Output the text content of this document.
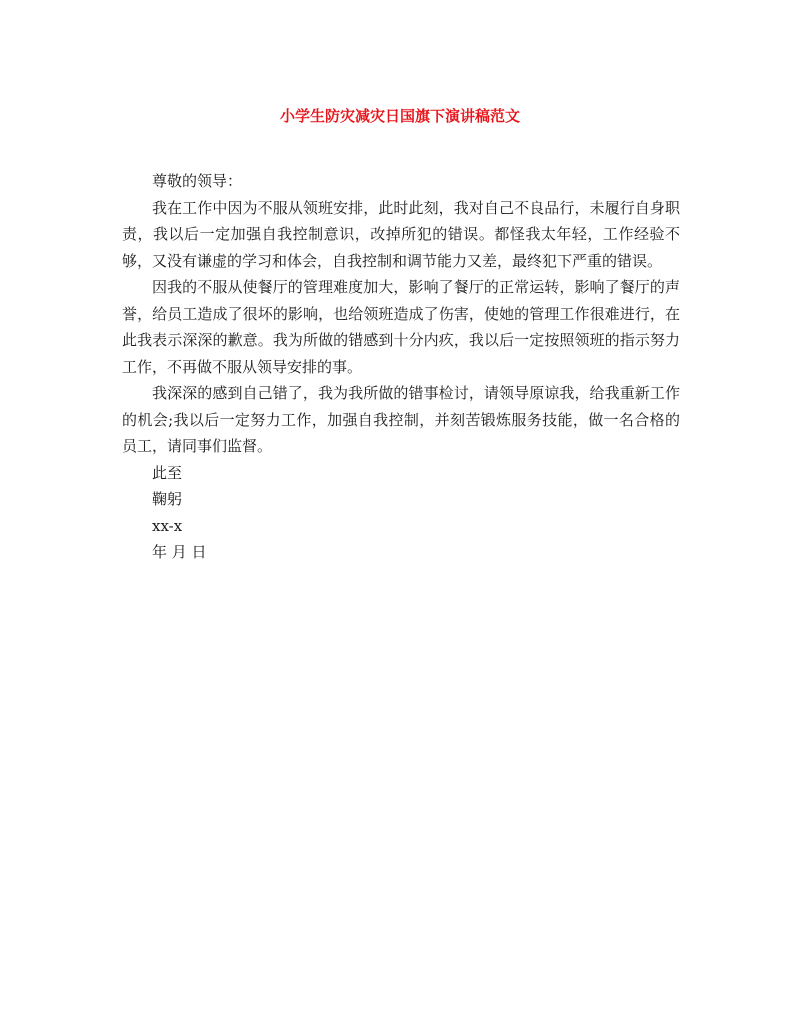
小学生防灾减灾日国旗下演讲稿范文

尊敬的领导：

我在工作中因为不服从领班安排，此时此刻，我对自己不良品行，未履行自身职责，我以后一定加强自我控制意识，改掉所犯的错误。都怪我太年轻，工作经验不够，又没有谦虚的学习和体会，自我控制和调节能力又差，最终犯下严重的错误。

因我的不服从使餐厅的管理难度加大，影响了餐厅的正常运转，影响了餐厅的声誉，给员工造成了很坏的影响，也给领班造成了伤害，使她的管理工作很难进行，在此我表示深深的歉意。我为所做的错感到十分内疚，我以后一定按照领班的指示努力工作，不再做不服从领导安排的事。

我深深的感到自己错了，我为我所做的错事检讨，请领导原谅我，给我重新工作的机会;我以后一定努力工作，加强自我控制，并刻苦锻炼服务技能，做一名合格的员工，请同事们监督。

此至

鞠躬

xx-x

年 月 日
